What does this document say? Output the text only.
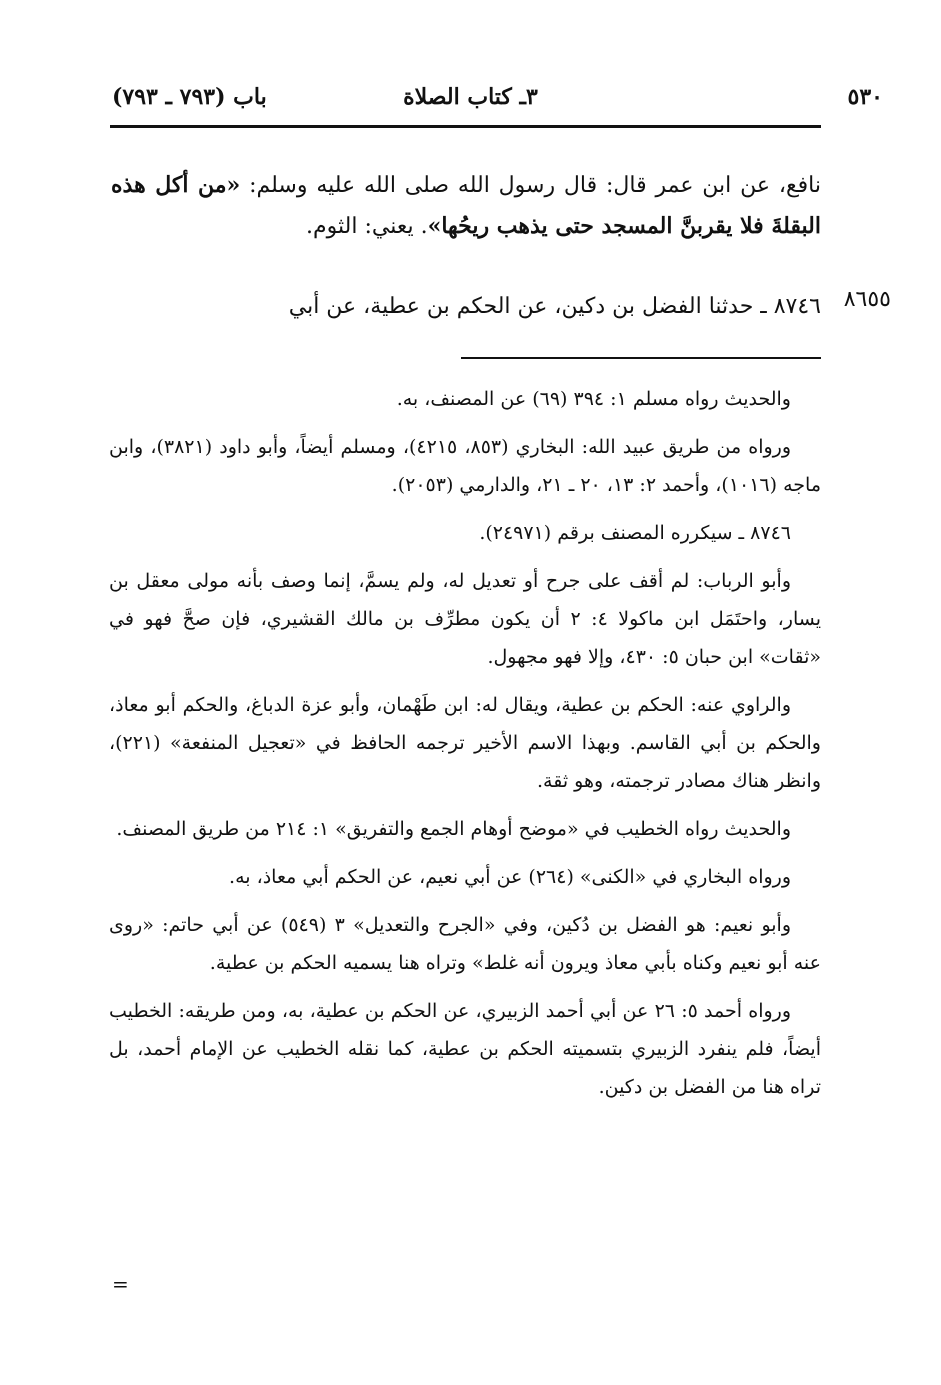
٥٣٠
٣ـ كتاب الصلاة
باب (٧٩٣ ـ ٧٩٣)
نافع، عن ابن عمر قال: قال رسول الله صلى الله عليه وسلم: «من أكل هذه البقلةَ فلا يقربنَّ المسجد حتى يذهب ريحُها». يعني: الثوم.
٨٦٥٥
٨٧٤٦ ـ حدثنا الفضل بن دكين، عن الحكم بن عطية، عن أبي

والحديث رواه مسلم ١: ٣٩٤ (٦٩) عن المصنف، به.

ورواه من طريق عبيد الله: البخاري (٨٥٣، ٤٢١٥)، ومسلم أيضاً، وأبو داود (٣٨٢١)، وابن ماجه (١٠١٦)، وأحمد ٢: ١٣، ٢٠ ـ ٢١، والدارمي (٢٠٥٣).

٨٧٤٦ ـ سيكرره المصنف برقم (٢٤٩٧١).

وأبو الرباب: لم أقف على جرح أو تعديل له، ولم يسمَّ، إنما وصف بأنه مولى معقل بن يسار، واحتَمَل ابن ماكولا ٤: ٢ أن يكون مطرِّف بن مالك القشيري، فإن صحَّ فهو في «ثقات» ابن حبان ٥: ٤٣٠، وإلا فهو مجهول.

والراوي عنه: الحكم بن عطية، ويقال له: ابن طَهْمان، وأبو عزة الدباغ، والحكم أبو معاذ، والحكم بن أبي القاسم. وبهذا الاسم الأخير ترجمه الحافظ في «تعجيل المنفعة» (٢٢١)، وانظر هناك مصادر ترجمته، وهو ثقة.

والحديث رواه الخطيب في «موضح أوهام الجمع والتفريق» ١: ٢١٤ من طريق المصنف.

ورواه البخاري في «الكنى» (٢٦٤) عن أبي نعيم، عن الحكم أبي معاذ، به.

وأبو نعيم: هو الفضل بن دُكين، وفي «الجرح والتعديل» ٣ (٥٤٩) عن أبي حاتم: «روى عنه أبو نعيم وكناه بأبي معاذ ويرون أنه غلط» وتراه هنا يسميه الحكم بن عطية.

ورواه أحمد ٥: ٢٦ عن أبي أحمد الزبيري، عن الحكم بن عطية، به، ومن طريقه: الخطيب أيضاً، فلم ينفرد الزبيري بتسميته الحكم بن عطية، كما نقله الخطيب عن الإمام أحمد، بل تراه هنا من الفضل بن دكين.

=
